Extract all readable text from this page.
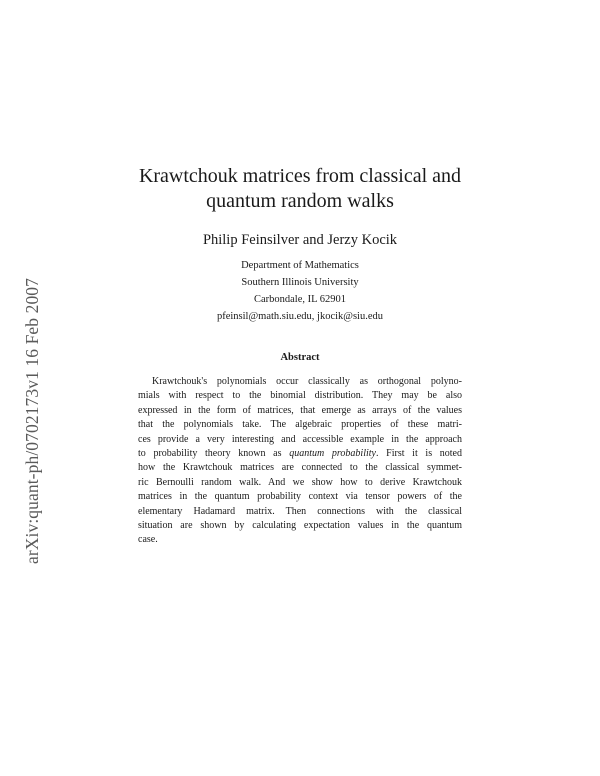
arXiv:quant-ph/0702173v1 16 Feb 2007
Krawtchouk matrices from classical and
quantum random walks
Philip Feinsilver and Jerzy Kocik
Department of Mathematics
Southern Illinois University
Carbondale, IL 62901
pfeinsil@math.siu.edu, jkocik@siu.edu
Abstract
Krawtchouk's polynomials occur classically as orthogonal polyno-
mials with respect to the binomial distribution. They may be also
expressed in the form of matrices, that emerge as arrays of the values
that the polynomials take. The algebraic properties of these matri-
ces provide a very interesting and accessible example in the approach
to probability theory known as quantum probability. First it is noted
how the Krawtchouk matrices are connected to the classical symmet-
ric Bernoulli random walk. And we show how to derive Krawtchouk
matrices in the quantum probability context via tensor powers of the
elementary Hadamard matrix. Then connections with the classical
situation are shown by calculating expectation values in the quantum
case.
